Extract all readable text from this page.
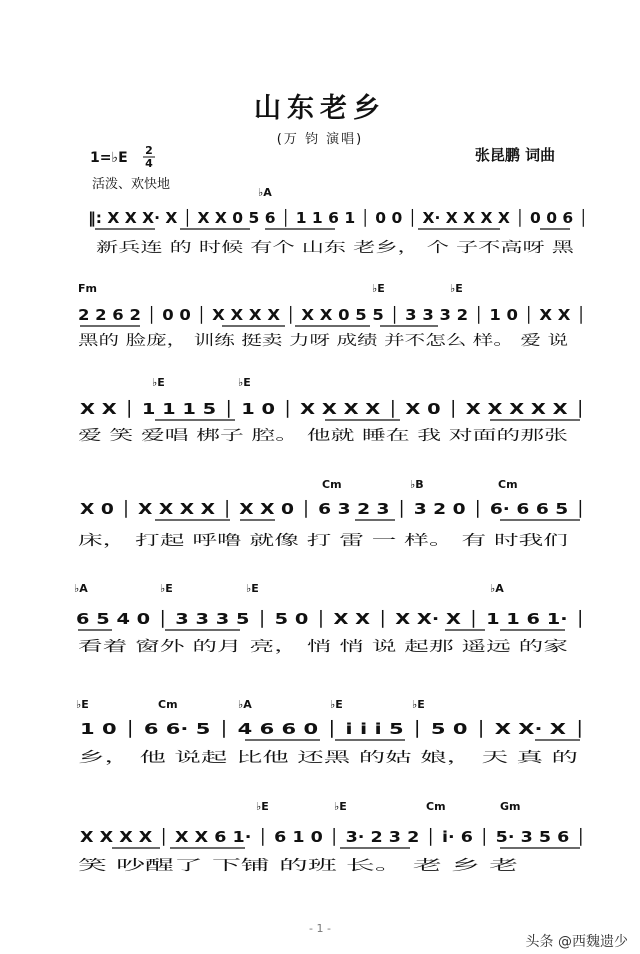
山东老乡
(万 钧 演唱)
1=♭E 2
4	张昆鹏 词曲
活泼、欢快地
♭A
‖: X X X· X │ X X 0 5 6 │ 1 1 6 1 │ 0 0 │ X· X X X X │ 0 0 6 │
新兵连 的 时候 有个 山东 老乡， 个 子不高呀 黑
Fm	♭E	♭E
2 2 6 2 │ 0 0 │ X X X X │ X X 0 5 5 │ 3 3 3 2 │ 1 0 │ X X │
黑的 脸庞， 训练 挺卖 力呀 成绩 并不怎么 样。 爱 说
♭E	♭E
X X │ 1 1 1 5 │ 1 0 │ X X X X │ X 0 │ X X X X X │
爱 笑 爱唱 梆子 腔。 他就 睡在 我 对面的那张
Cm	♭B	Cm
X 0 │ X X X X │ X X 0 │ 6 3 2 3 │ 3 2 0 │ 6· 6 6 5 │
床， 打起 呼噜 就像 打 雷 一 样。 有 时我们
♭A	♭E	♭E	♭A
6 5 4 0 │ 3 3 3 5 │ 5 0 │ X X │ X X· X │ 1 1 6 1· │
看着 窗外 的月 亮， 悄 悄 说 起那 遥远 的家
♭E	Cm	♭A	♭E	♭E
1 0 │ 6 6· 5 │ 4 6 6 0 │ i i i 5 │ 5 0 │ X X· X │
乡， 他 说起 比他 还黑 的姑 娘， 天 真 的
♭E	♭E	Cm	Gm
X X X X │ X X 6 1· │ 6 1 0 │ 3· 2 3 2 │ i· 6 │ 5· 3 5 6 │
笑 吵醒了 下铺 的班 长。 老 乡 老
- 1 -
头条 @西魏遗少
